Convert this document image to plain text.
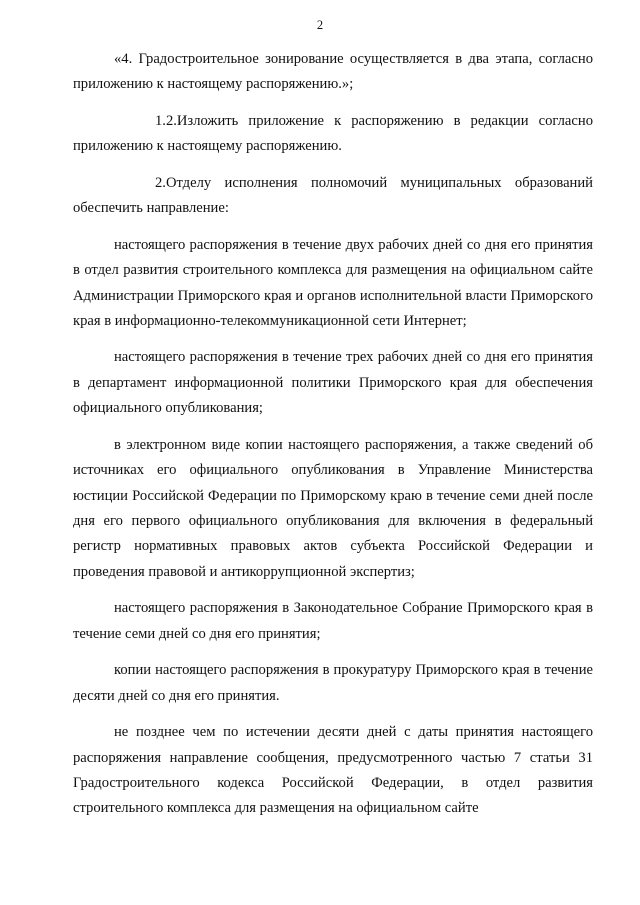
2

«4. Градостроительное зонирование осуществляется в два этапа, согласно приложению к настоящему распоряжению.»;

1.2.Изложить приложение к распоряжению в редакции согласно приложению к настоящему распоряжению.

2.Отделу исполнения полномочий муниципальных образований обеспечить направление:

настоящего распоряжения в течение двух рабочих дней со дня его принятия в отдел развития строительного комплекса для размещения на официальном сайте Администрации Приморского края и органов исполнительной власти Приморского края в информационно-телекоммуникационной сети Интернет;

настоящего распоряжения в течение трех рабочих дней со дня его принятия в департамент информационной политики Приморского края для обеспечения официального опубликования;

в электронном виде копии настоящего распоряжения, а также сведений об источниках его официального опубликования в Управление Министерства юстиции Российской Федерации по Приморскому краю в течение семи дней после дня его первого официального опубликования для включения в федеральный регистр нормативных правовых актов субъекта Российской Федерации и проведения правовой и антикоррупционной экспертиз;

настоящего распоряжения в Законодательное Собрание Приморского края в течение семи дней со дня его принятия;

копии настоящего распоряжения в прокуратуру Приморского края в течение десяти дней со дня его принятия.

не позднее чем по истечении десяти дней с даты принятия настоящего распоряжения направление сообщения, предусмотренного частью 7 статьи 31 Градостроительного кодекса Российской Федерации, в отдел развития строительного комплекса для размещения на официальном сайте
